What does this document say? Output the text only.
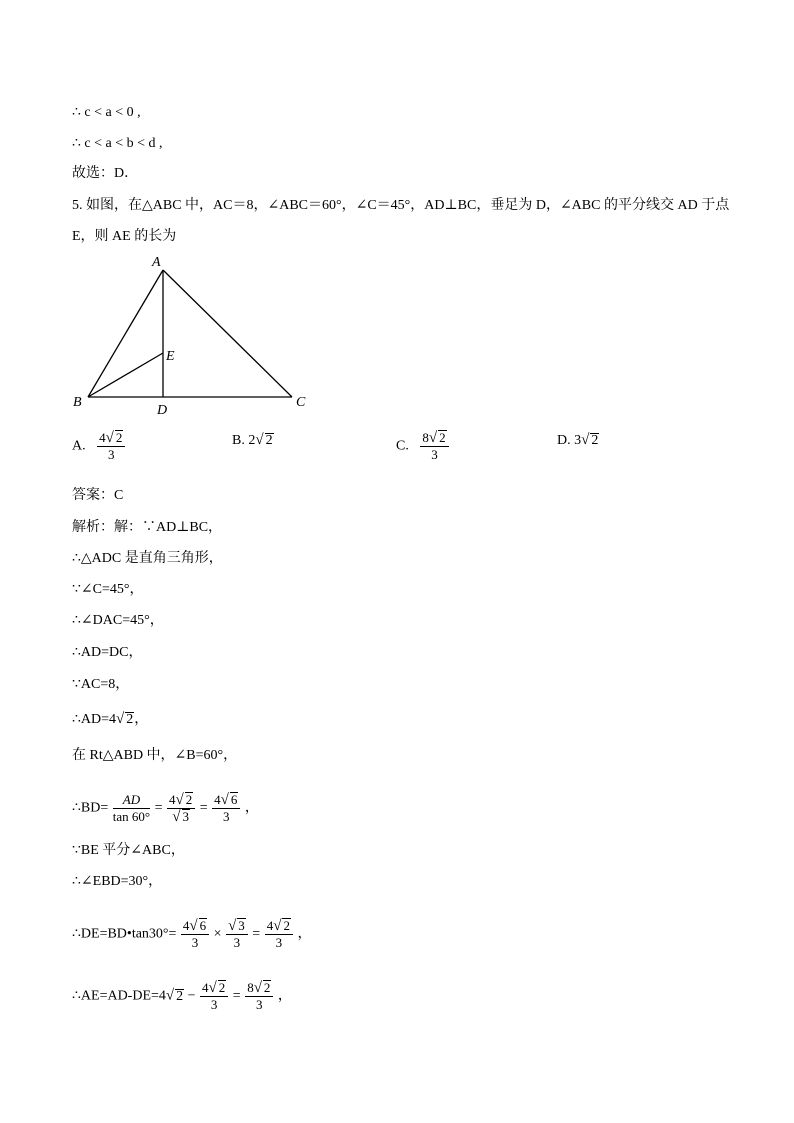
∴ c < a < 0 ,
∴ c < a < b < d ,
故选：D．
5. 如图，在△ABC 中，AC＝8，∠ABC＝60°，∠C＝45°，AD⊥BC，垂足为 D，∠ABC 的平分线交 AD 于点
E，则 AE 的长为
A
B	C
D
E
A. $\frac{4√ 2}{3}$	B. 2√ 2	C. $\frac{8√ 2}{3}$	D. 3√ 2
答案：C
解析：解：∵AD⊥BC，
∴△ADC 是直角三角形，
∵∠C=45°，
∴∠DAC=45°，
∴AD=DC，
∵AC=8，
∴AD=4√ 2，
在 Rt△ABD 中，∠B=60°，
∴BD= $\frac{AD}{\tan 60^\circ} = \frac{4√ 2}{√ 3} = \frac{4√ 6}{3}$ ，
∵BE 平分∠ABC，
∴∠EBD=30°，
∴DE=BD•tan30°= $\frac{4√ 6}{3} \times \frac{√ 3}{3} = \frac{4√ 2}{3}$ ，
∴AE=AD-DE=4√ $2 - \frac{4√ 2}{3} = \frac{8√ 2}{3}$ ，
